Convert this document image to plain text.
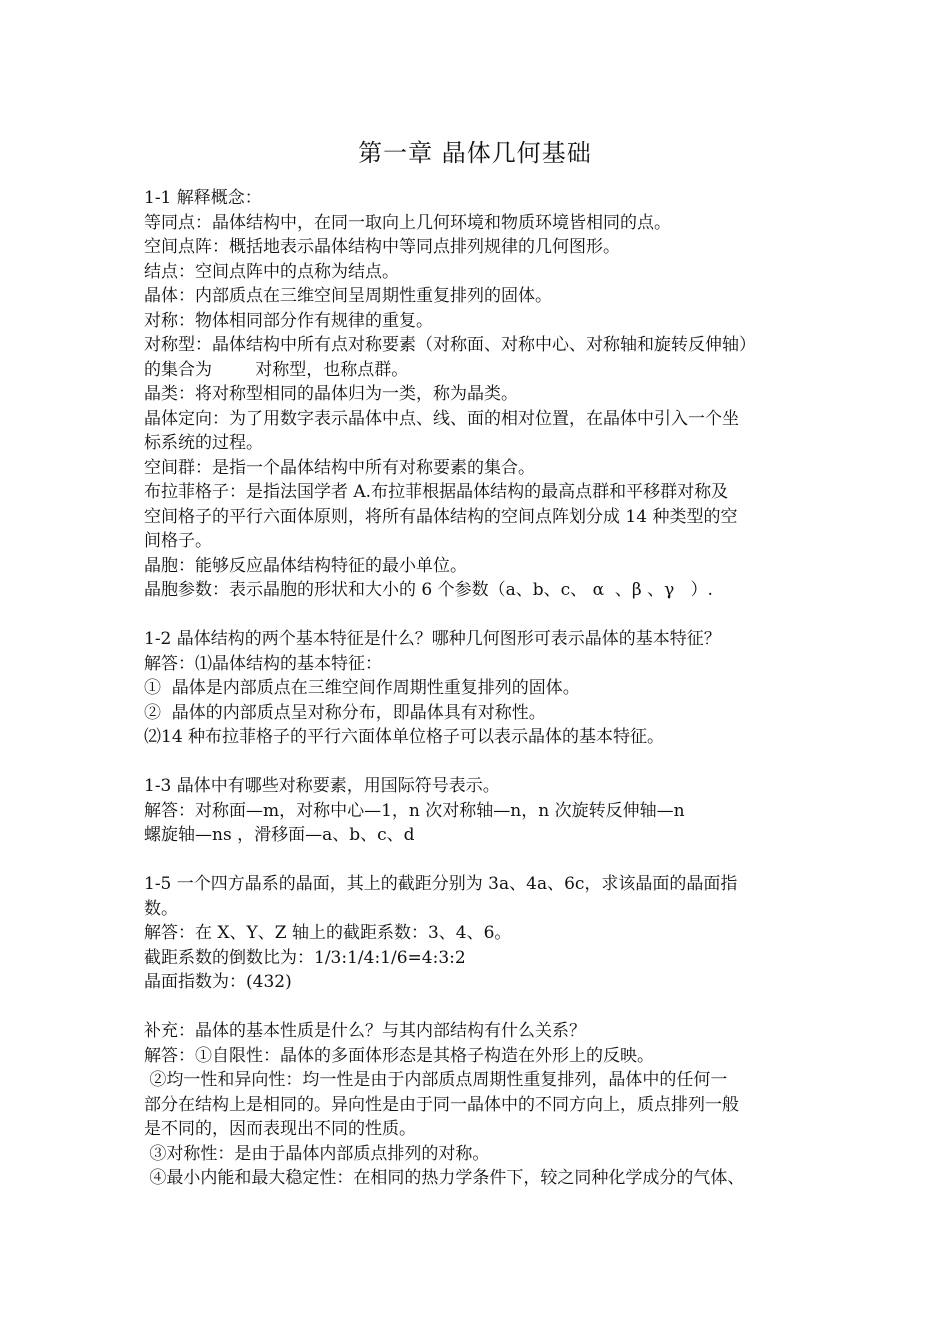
第一章 晶体几何基础
1-1 解释概念：
等同点：晶体结构中，在同一取向上几何环境和物质环境皆相同的点。
空间点阵：概括地表示晶体结构中等同点排列规律的几何图形。
结点：空间点阵中的点称为结点。
晶体：内部质点在三维空间呈周期性重复排列的固体。
对称：物体相同部分作有规律的重复。
对称型：晶体结构中所有点对称要素（对称面、对称中心、对称轴和旋转反伸轴）
的集合为        对称型，也称点群。
晶类：将对称型相同的晶体归为一类，称为晶类。
晶体定向：为了用数字表示晶体中点、线、面的相对位置，在晶体中引入一个坐
标系统的过程。
空间群：是指一个晶体结构中所有对称要素的集合。
布拉菲格子：是指法国学者 A.布拉菲根据晶体结构的最高点群和平移群对称及
空间格子的平行六面体原则，将所有晶体结构的空间点阵划分成 14 种类型的空
间格子。
晶胞：能够反应晶体结构特征的最小单位。
晶胞参数：表示晶胞的形状和大小的 6 个参数（a、b、c、 α  、β 、γ   ）.
1-2 晶体结构的两个基本特征是什么？哪种几何图形可表示晶体的基本特征？
解答：⑴晶体结构的基本特征：
①  晶体是内部质点在三维空间作周期性重复排列的固体。
②  晶体的内部质点呈对称分布，即晶体具有对称性。
⑵14 种布拉菲格子的平行六面体单位格子可以表示晶体的基本特征。
1-3 晶体中有哪些对称要素，用国际符号表示。
解答：对称面—m，对称中心—1，n 次对称轴—n，n 次旋转反伸轴—n
螺旋轴—ns ，滑移面—a、b、c、d
1-5 一个四方晶系的晶面，其上的截距分别为 3a、4a、6c，求该晶面的晶面指
数。
解答：在 X、Y、Z 轴上的截距系数：3、4、6。
截距系数的倒数比为：1/3:1/4:1/6=4:3:2
晶面指数为：(432)
补充：晶体的基本性质是什么？与其内部结构有什么关系？
解答：①自限性：晶体的多面体形态是其格子构造在外形上的反映。
②均一性和异向性：均一性是由于内部质点周期性重复排列，晶体中的任何一
部分在结构上是相同的。异向性是由于同一晶体中的不同方向上，质点排列一般
是不同的，因而表现出不同的性质。
③对称性：是由于晶体内部质点排列的对称。
④最小内能和最大稳定性：在相同的热力学条件下，较之同种化学成分的气体、
